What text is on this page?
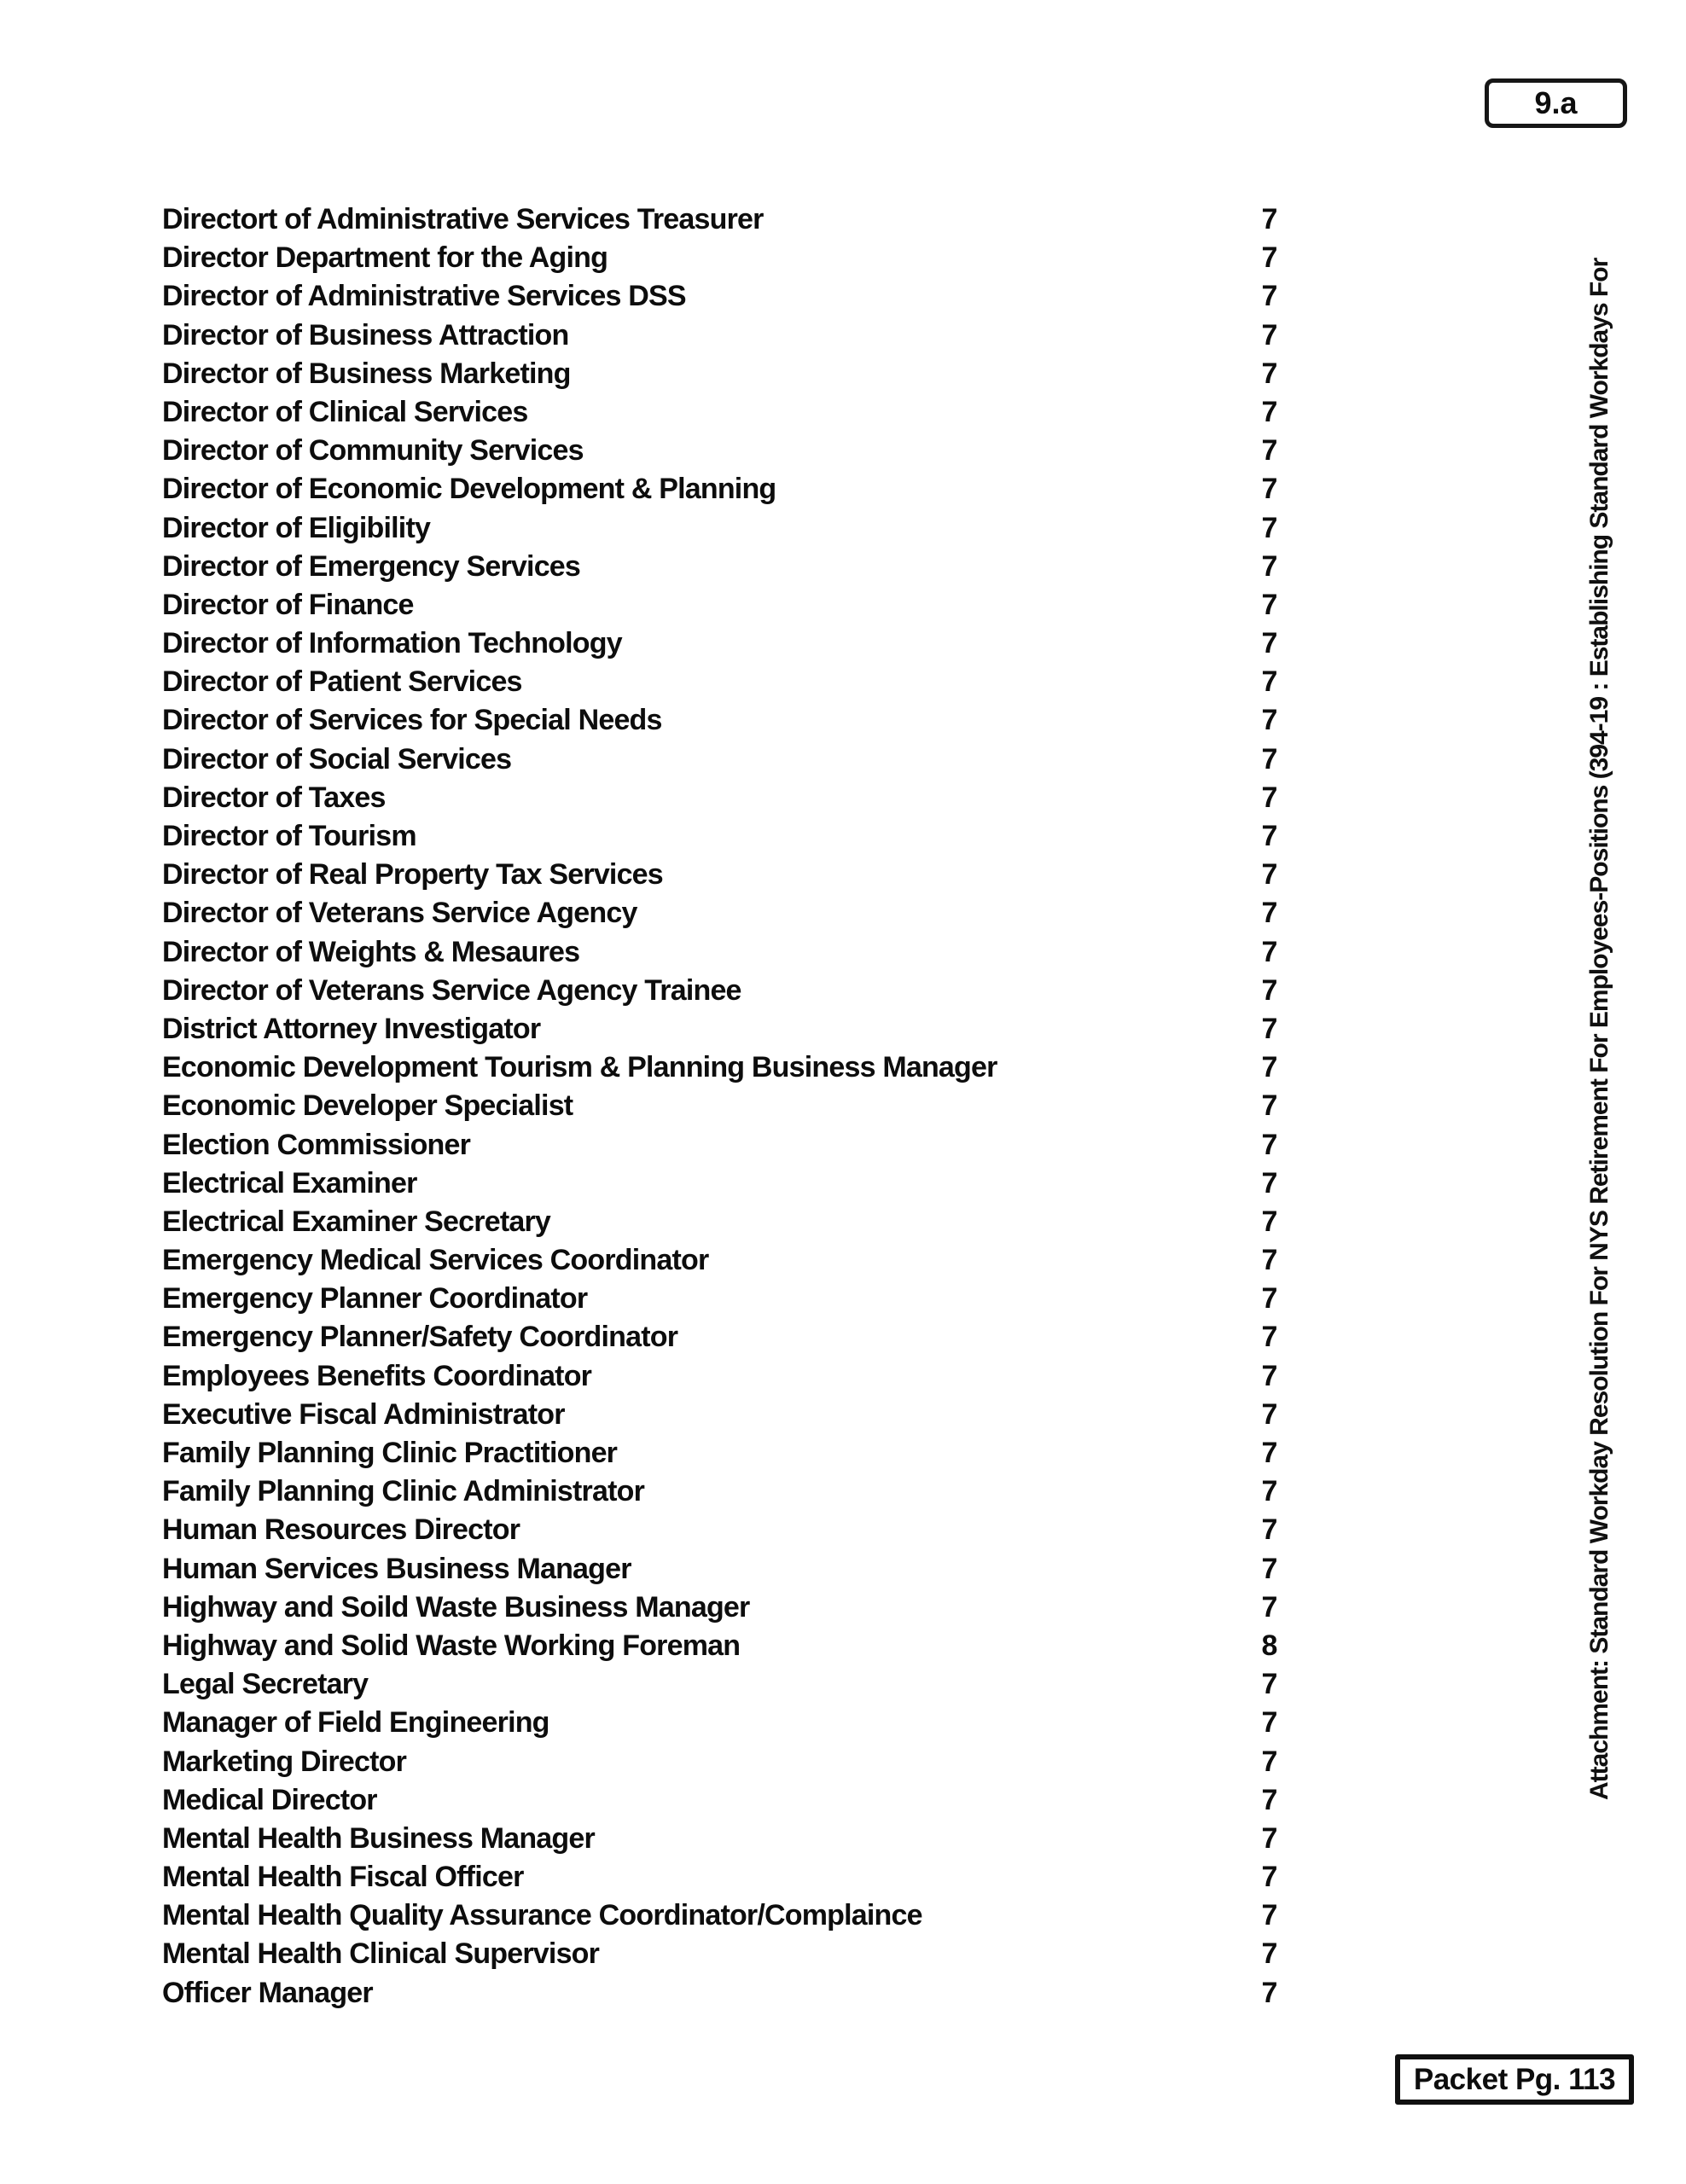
9.a
Directort of Administrative Services Treasurer	7
Director Department for the Aging	7
Director of Administrative Services DSS	7
Director of Business Attraction	7
Director of Business Marketing	7
Director of Clinical Services	7
Director of Community Services	7
Director of Economic Development & Planning	7
Director of Eligibility	7
Director of Emergency Services	7
Director of Finance	7
Director of Information Technology	7
Director of Patient Services	7
Director of Services for Special Needs	7
Director of Social Services	7
Director of Taxes	7
Director of Tourism	7
Director of Real Property Tax Services	7
Director of Veterans Service Agency	7
Director of Weights & Mesaures	7
Director of Veterans Service Agency Trainee	7
District Attorney Investigator	7
Economic Development Tourism & Planning Business Manager	7
Economic Developer Specialist	7
Election Commissioner	7
Electrical Examiner	7
Electrical Examiner Secretary	7
Emergency Medical Services Coordinator	7
Emergency Planner Coordinator	7
Emergency Planner/Safety Coordinator	7
Employees Benefits Coordinator	7
Executive Fiscal Administrator	7
Family Planning Clinic Practitioner	7
Family Planning Clinic Administrator	7
Human Resources Director	7
Human Services Business Manager	7
Highway and Soild Waste Business Manager	7
Highway and Solid Waste Working Foreman	8
Legal Secretary	7
Manager of Field Engineering	7
Marketing Director	7
Medical Director	7
Mental Health Business Manager	7
Mental Health Fiscal Officer	7
Mental Health Quality Assurance Coordinator/Complaince	7
Mental Health Clinical Supervisor	7
Officer Manager	7
Attachment: Standard Workday Resolution For NYS Retirement For Employees-Positions (394-19 : Establishing Standard Workdays For
Packet Pg. 113
